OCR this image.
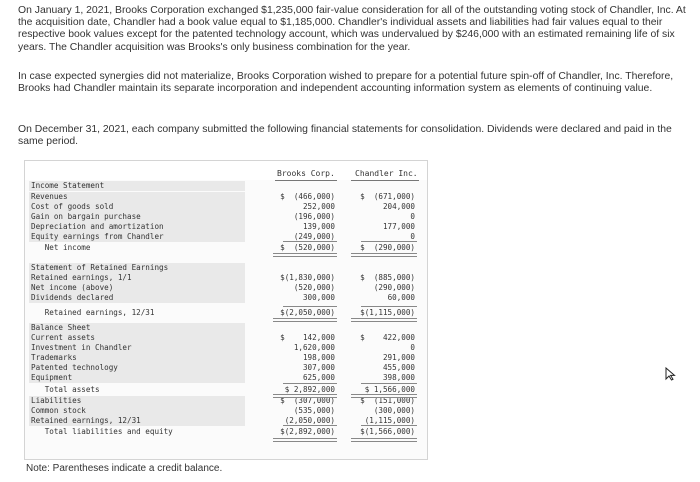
On January 1, 2021, Brooks Corporation exchanged $1,235,000 fair-value consideration for all of the outstanding voting stock of Chandler, Inc. At the acquisition date, Chandler had a book value equal to $1,185,000. Chandler's individual assets and liabilities had fair values equal to their respective book values except for the patented technology account, which was undervalued by $246,000 with an estimated remaining life of six years. The Chandler acquisition was Brooks's only business combination for the year.
In case expected synergies did not materialize, Brooks Corporation wished to prepare for a potential future spin-off of Chandler, Inc. Therefore, Brooks had Chandler maintain its separate incorporation and independent accounting information system as elements of continuing value.
On December 31, 2021, each company submitted the following financial statements for consolidation. Dividends were declared and paid in the same period.
Brooks Corp.	Chandler Inc.
Income Statement
Revenues	$  (466,000)	$  (671,000)
Cost of goods sold	252,000	204,000
Gain on bargain purchase	(196,000)	0
Depreciation and amortization	139,000	177,000
Equity earnings from Chandler	(249,000)	0
Net income	$  (520,000)	$  (290,000)
Statement of Retained Earnings
Retained earnings, 1/1	$(1,830,000)	$  (885,000)
Net income (above)	(520,000)	(290,000)
Dividends declared	300,000	60,000
Retained earnings, 12/31	$(2,050,000)	$(1,115,000)
Balance Sheet
Current assets	$    142,000	$    422,000
Investment in Chandler	1,620,000	0
Trademarks	198,000	291,000
Patented technology	307,000	455,000
Equipment	625,000	398,000
Total assets	$ 2,892,000	$ 1,566,000
Liabilities	$  (307,000)	$  (151,000)
Common stock	(535,000)	(300,000)
Retained earnings, 12/31	(2,050,000)	(1,115,000)
Total liabilities and equity	$(2,892,000)	$(1,566,000)
Note: Parentheses indicate a credit balance.
